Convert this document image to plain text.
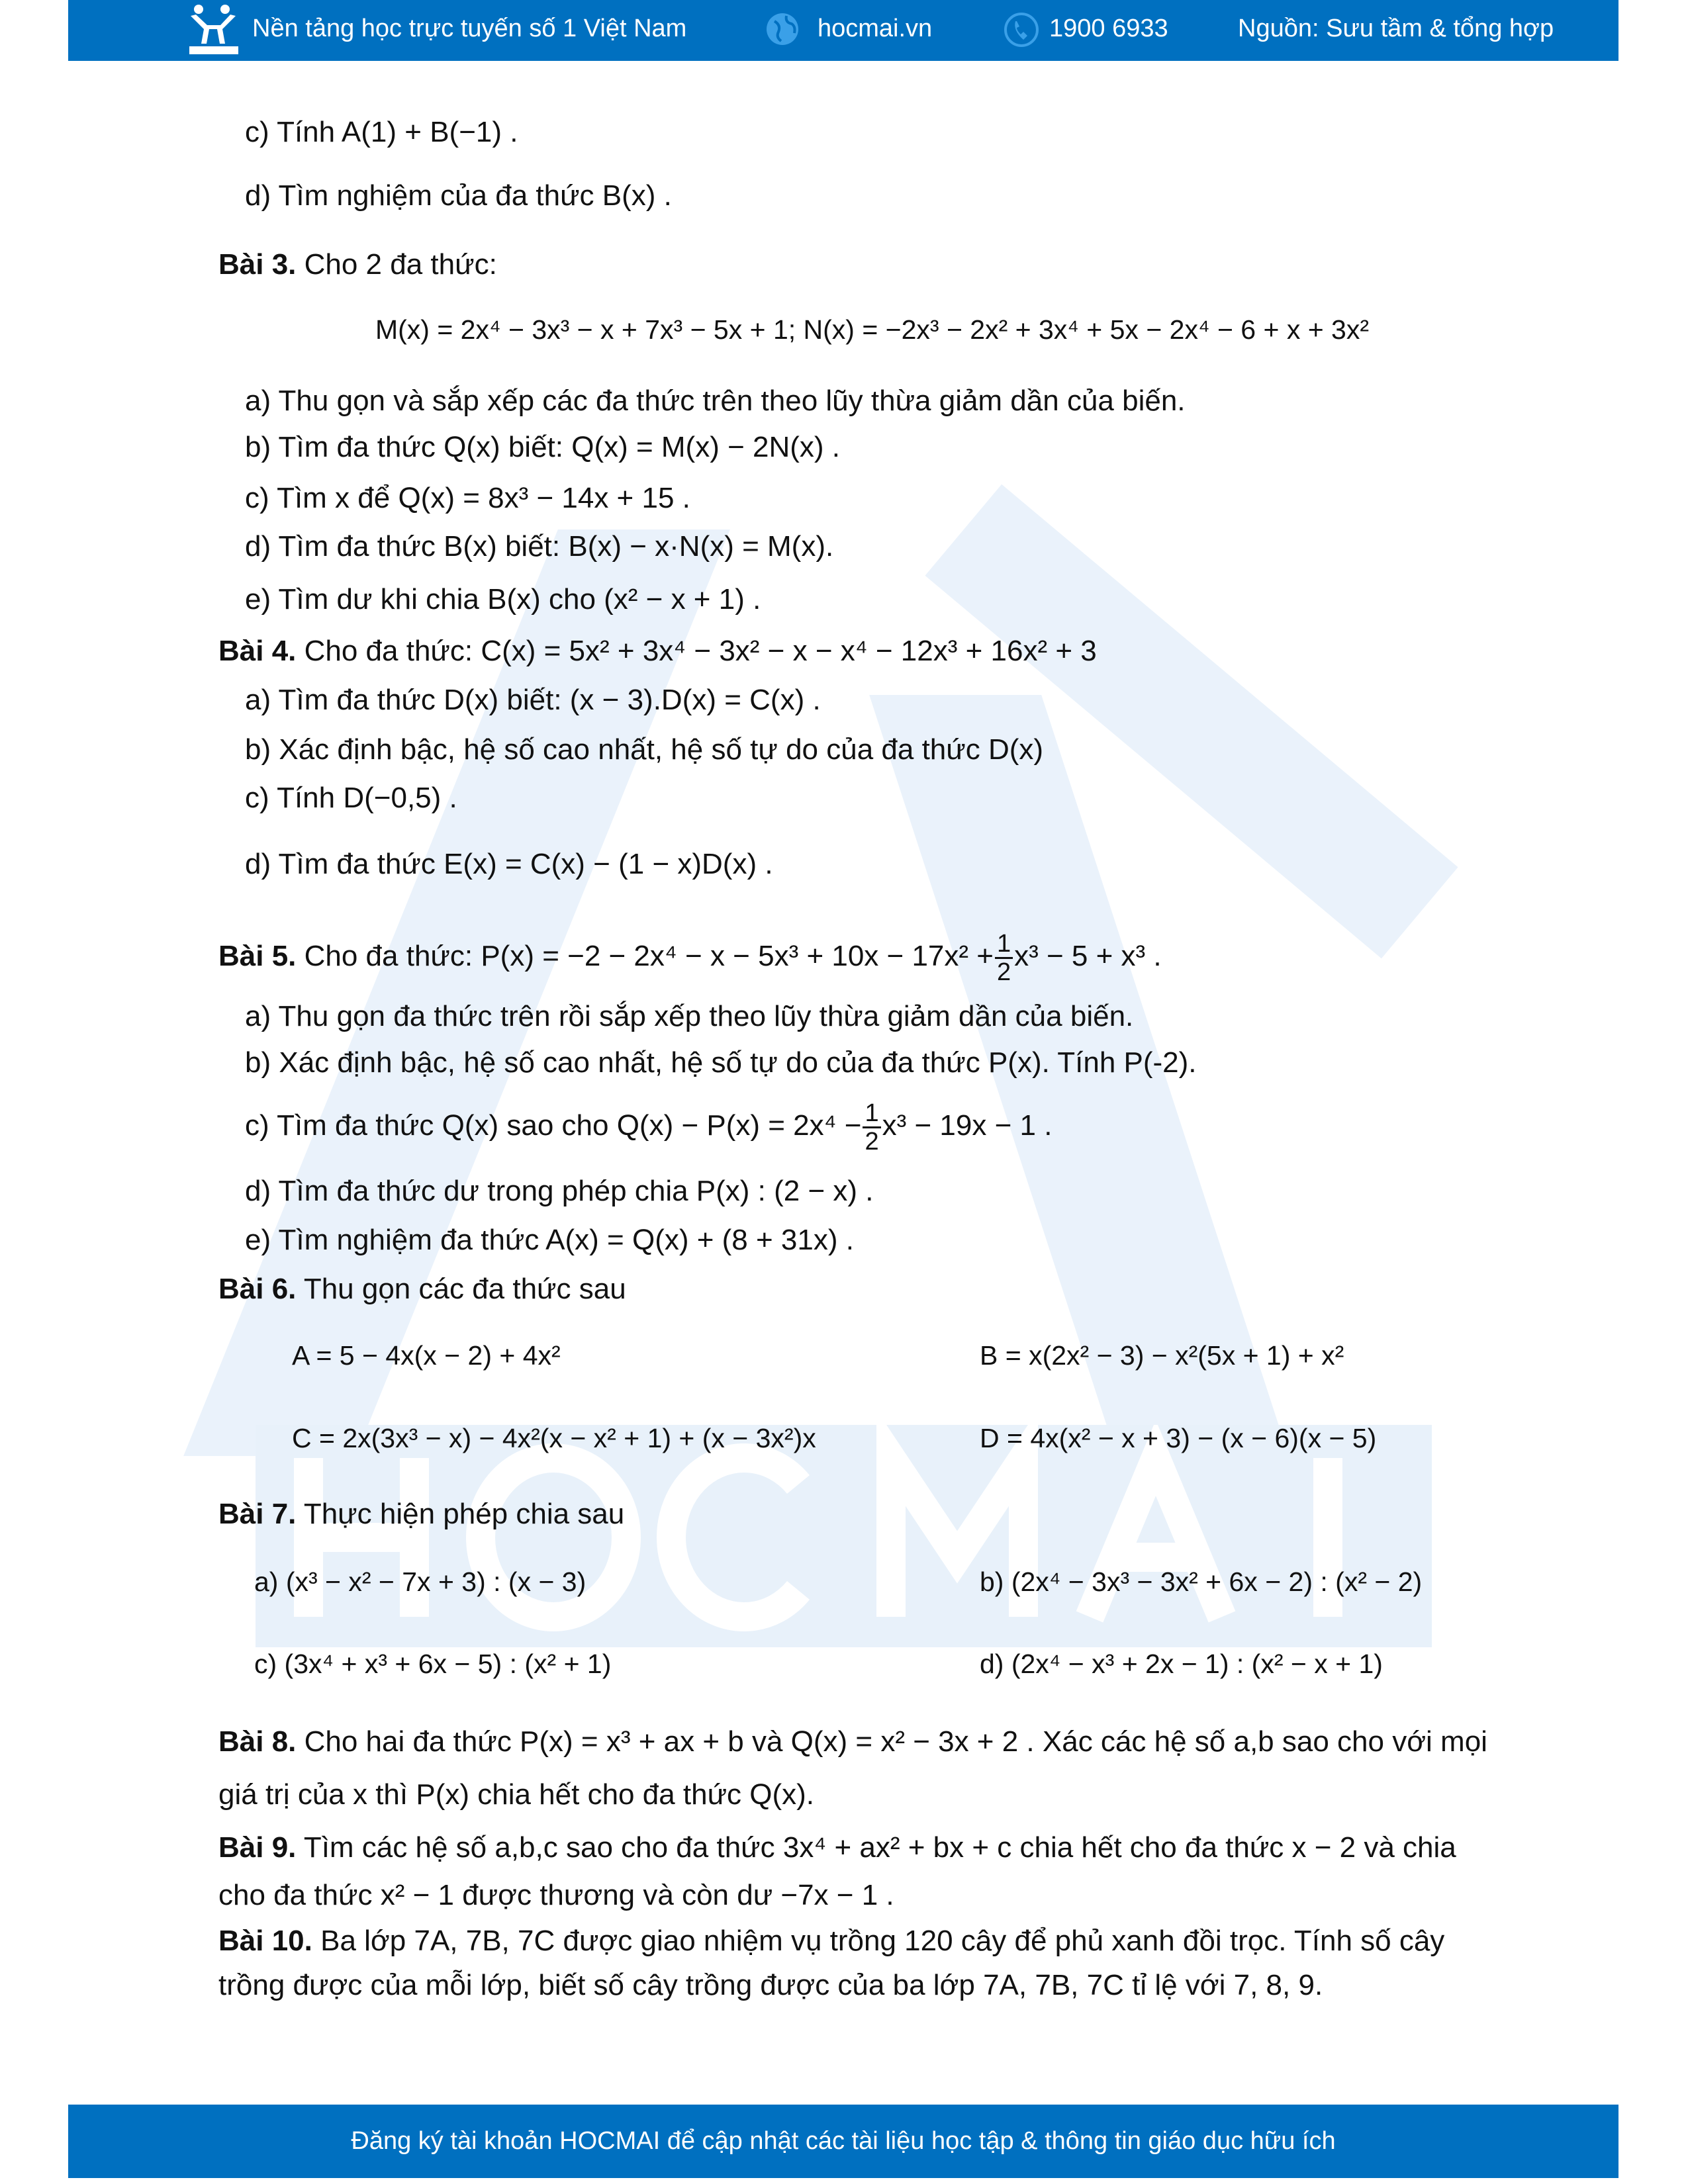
Nền tảng học trực tuyến số 1 Việt Nam	hocmai.vn	1900 6933	Nguồn: Sưu tầm & tổng hợp
c) Tính A(1) + B(−1) .
d) Tìm nghiệm của đa thức B(x) .
Bài 3. Cho 2 đa thức:
M(x) = 2x⁴ − 3x³ − x + 7x³ − 5x + 1; N(x) = −2x³ − 2x² + 3x⁴ + 5x − 2x⁴ − 6 + x + 3x²
a) Thu gọn và sắp xếp các đa thức trên theo lũy thừa giảm dần của biến.
b) Tìm đa thức Q(x) biết: Q(x) = M(x) − 2N(x) .
c) Tìm x để Q(x) = 8x³ − 14x + 15 .
d) Tìm đa thức B(x) biết: B(x) − x·N(x) = M(x).
e) Tìm dư khi chia B(x) cho (x² − x + 1) .
Bài 4. Cho đa thức: C(x) = 5x² + 3x⁴ − 3x² − x − x⁴ − 12x³ + 16x² + 3
a) Tìm đa thức D(x) biết: (x − 3).D(x) = C(x) .
b) Xác định bậc, hệ số cao nhất, hệ số tự do của đa thức D(x)
c) Tính D(−0,5) .
d) Tìm đa thức E(x) = C(x) − (1 − x)D(x) .
Bài 5. Cho đa thức: $P(x) = -2 - 2x^4 - x - 5x^3 + 10x - 17x^2 + \frac{1}{2} x^3 - 5 + x^3$ .
a) Thu gọn đa thức trên rồi sắp xếp theo lũy thừa giảm dần của biến.
b) Xác định bậc, hệ số cao nhất, hệ số tự do của đa thức P(x). Tính P(-2).
c) Tìm đa thức Q(x) sao cho $Q(x) - P(x) = 2x^4 - \frac{1}{2} x^3 - 19x - 1$ .
d) Tìm đa thức dư trong phép chia P(x) : (2 − x) .
e) Tìm nghiệm đa thức A(x) = Q(x) + (8 + 31x) .
Bài 6. Thu gọn các đa thức sau
A = 5 − 4x(x − 2) + 4x²	B = x(2x² − 3) − x²(5x + 1) + x²
C = 2x(3x³ − x) − 4x²(x − x² + 1) + (x − 3x²)x	D = 4x(x² − x + 3) − (x − 6)(x − 5)
Bài 7. Thực hiện phép chia sau
a) (x³ − x² − 7x + 3) : (x − 3)	b) (2x⁴ − 3x³ − 3x² + 6x − 2) : (x² − 2)
c) (3x⁴ + x³ + 6x − 5) : (x² + 1)	d) (2x⁴ − x³ + 2x − 1) : (x² − x + 1)
Bài 8. Cho hai đa thức P(x) = x³ + ax + b và Q(x) = x² − 3x + 2 . Xác các hệ số a,b sao cho với mọi
giá trị của x thì P(x) chia hết cho đa thức Q(x).
Bài 9. Tìm các hệ số a,b,c sao cho đa thức 3x⁴ + ax² + bx + c chia hết cho đa thức x − 2 và chia
cho đa thức x² − 1 được thương và còn dư −7x − 1 .
Bài 10. Ba lớp 7A, 7B, 7C được giao nhiệm vụ trồng 120 cây để phủ xanh đồi trọc. Tính số cây
trồng được của mỗi lớp, biết số cây trồng được của ba lớp 7A, 7B, 7C tỉ lệ với 7, 8, 9.
Đăng ký tài khoản HOCMAI để cập nhật các tài liệu học tập & thông tin giáo dục hữu ích
